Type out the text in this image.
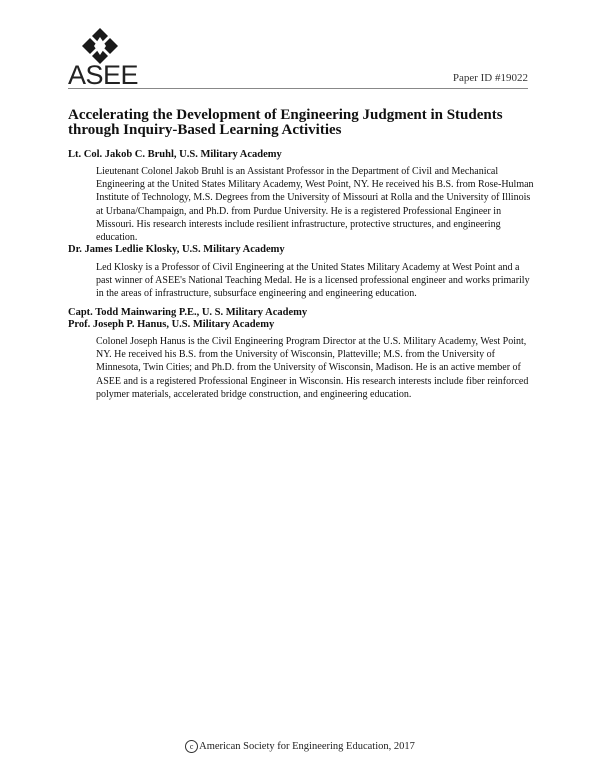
ASEE	Paper ID #19022
Accelerating the Development of Engineering Judgment in Students through Inquiry-Based Learning Activities

Lt. Col. Jakob C. Bruhl, U.S. Military Academy

Lieutenant Colonel Jakob Bruhl is an Assistant Professor in the Department of Civil and Mechanical Engineering at the United States Military Academy, West Point, NY. He received his B.S. from Rose-Hulman Institute of Technology, M.S. Degrees from the University of Missouri at Rolla and the University of Illinois at Urbana/Champaign, and Ph.D. from Purdue University. He is a registered Professional Engineer in Missouri. His research interests include resilient infrastructure, protective structures, and engineering education.

Dr. James Ledlie Klosky, U.S. Military Academy

Led Klosky is a Professor of Civil Engineering at the United States Military Academy at West Point and a past winner of ASEE's National Teaching Medal. He is a licensed professional engineer and works primarily in the areas of infrastructure, subsurface engineering and engineering education.

Capt. Todd Mainwaring P.E., U. S. Military Academy

Prof. Joseph P. Hanus, U.S. Military Academy

Colonel Joseph Hanus is the Civil Engineering Program Director at the U.S. Military Academy, West Point, NY. He received his B.S. from the University of Wisconsin, Platteville; M.S. from the University of Minnesota, Twin Cities; and Ph.D. from the University of Wisconsin, Madison. He is an active member of ASEE and is a registered Professional Engineer in Wisconsin. His research interests include fiber reinforced polymer materials, accelerated bridge construction, and engineering education.

c American Society for Engineering Education, 2017
